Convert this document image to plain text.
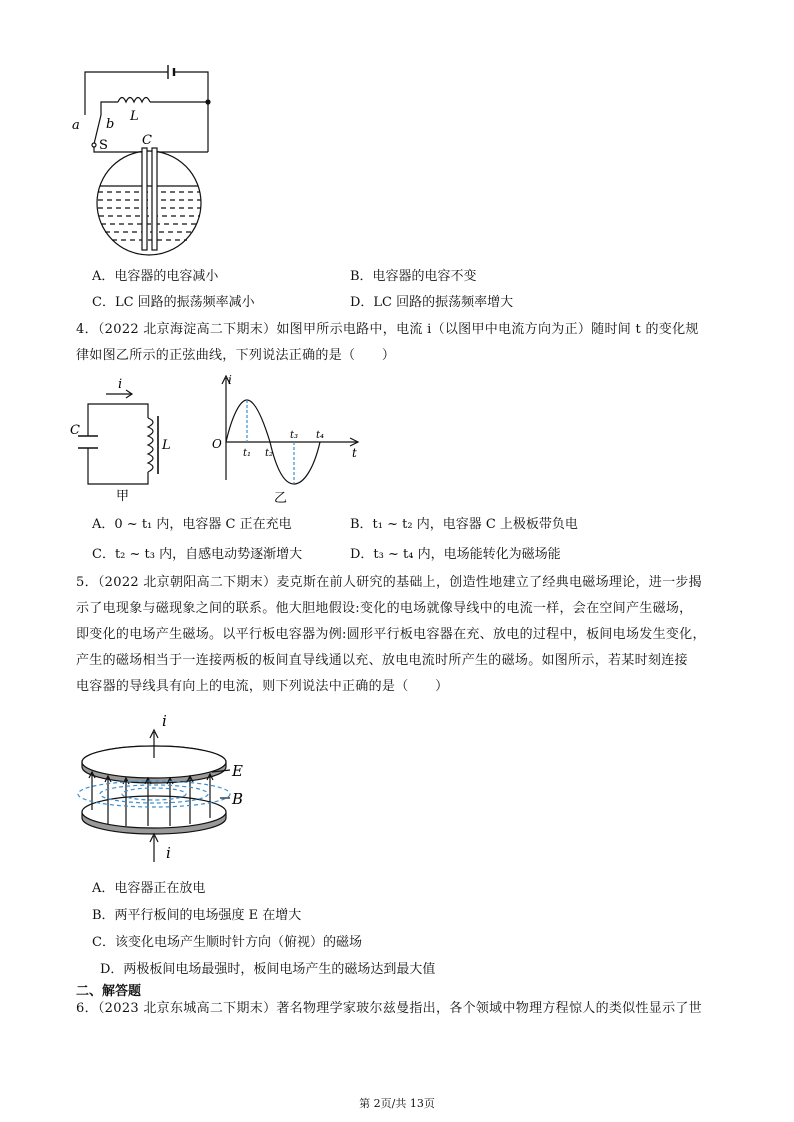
a b
L
C
S
A．电容器的电容减小	B．电容器的电容不变
C．LC 回路的振荡频率减小	D．LC 回路的振荡频率增大
4．（2022 北京海淀高二下期末）如图甲所示电路中，电流 i（以图甲中电流方向为正）随时间 t 的变化规
律如图乙所示的正弦曲线，下列说法正确的是（　　）
i
C
L
甲
i
t
O
t₁ t₂
t₃ t₄
乙
A．0 ~ t₁ 内，电容器 C 正在充电	B．t₁ ~ t₂ 内，电容器 C 上极板带负电
C．t₂ ~ t₃ 内，自感电动势逐渐增大	D．t₃ ~ t₄ 内，电场能转化为磁场能
5．（2022 北京朝阳高二下期末）麦克斯在前人研究的基础上，创造性地建立了经典电磁场理论，进一步揭
示了电现象与磁现象之间的联系。他大胆地假设:变化的电场就像导线中的电流一样，会在空间产生磁场，
即变化的电场产生磁场。以平行板电容器为例:圆形平行板电容器在充、放电的过程中，板间电场发生变化，
产生的磁场相当于一连接两板的板间直导线通以充、放电电流时所产生的磁场。如图所示，若某时刻连接
电容器的导线具有向上的电流，则下列说法中正确的是（　　）
i
i
E
B
A．电容器正在放电
B．两平行板间的电场强度 E 在增大
C．该变化电场产生顺时针方向（俯视）的磁场
D．两极板间电场最强时，板间电场产生的磁场达到最大值
二、解答题
6．（2023 北京东城高二下期末）著名物理学家玻尔兹曼指出，各个领域中物理方程惊人的类似性显示了世
第 2页/共 13页
